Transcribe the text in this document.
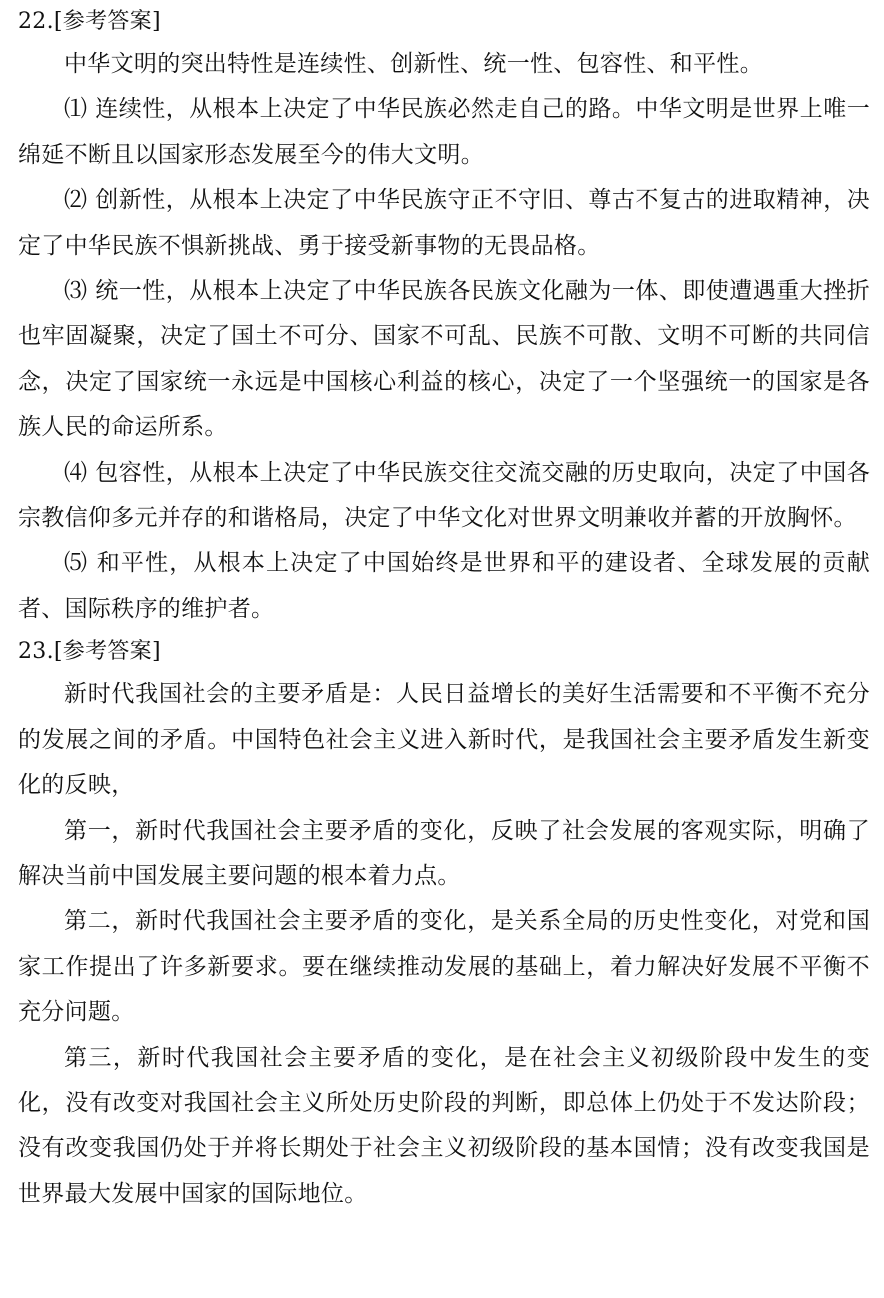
22.[参考答案]

中华文明的突出特性是连续性、创新性、统一性、包容性、和平性。

⑴ 连续性，从根本上决定了中华民族必然走自己的路。中华文明是世界上唯一绵延不断且以国家形态发展至今的伟大文明。

⑵ 创新性，从根本上决定了中华民族守正不守旧、尊古不复古的进取精神，决定了中华民族不惧新挑战、勇于接受新事物的无畏品格。

⑶ 统一性，从根本上决定了中华民族各民族文化融为一体、即使遭遇重大挫折也牢固凝聚，决定了国土不可分、国家不可乱、民族不可散、文明不可断的共同信念，决定了国家统一永远是中国核心利益的核心，决定了一个坚强统一的国家是各族人民的命运所系。

⑷ 包容性，从根本上决定了中华民族交往交流交融的历史取向，决定了中国各宗教信仰多元并存的和谐格局，决定了中华文化对世界文明兼收并蓄的开放胸怀。

⑸ 和平性，从根本上决定了中国始终是世界和平的建设者、全球发展的贡献者、国际秩序的维护者。

23.[参考答案]

新时代我国社会的主要矛盾是：人民日益增长的美好生活需要和不平衡不充分的发展之间的矛盾。中国特色社会主义进入新时代，是我国社会主要矛盾发生新变化的反映，

第一，新时代我国社会主要矛盾的变化，反映了社会发展的客观实际，明确了解决当前中国发展主要问题的根本着力点。

第二，新时代我国社会主要矛盾的变化，是关系全局的历史性变化，对党和国家工作提出了许多新要求。要在继续推动发展的基础上，着力解决好发展不平衡不充分问题。

第三，新时代我国社会主要矛盾的变化，是在社会主义初级阶段中发生的变化，没有改变对我国社会主义所处历史阶段的判断，即总体上仍处于不发达阶段；没有改变我国仍处于并将长期处于社会主义初级阶段的基本国情；没有改变我国是世界最大发展中国家的国际地位。
